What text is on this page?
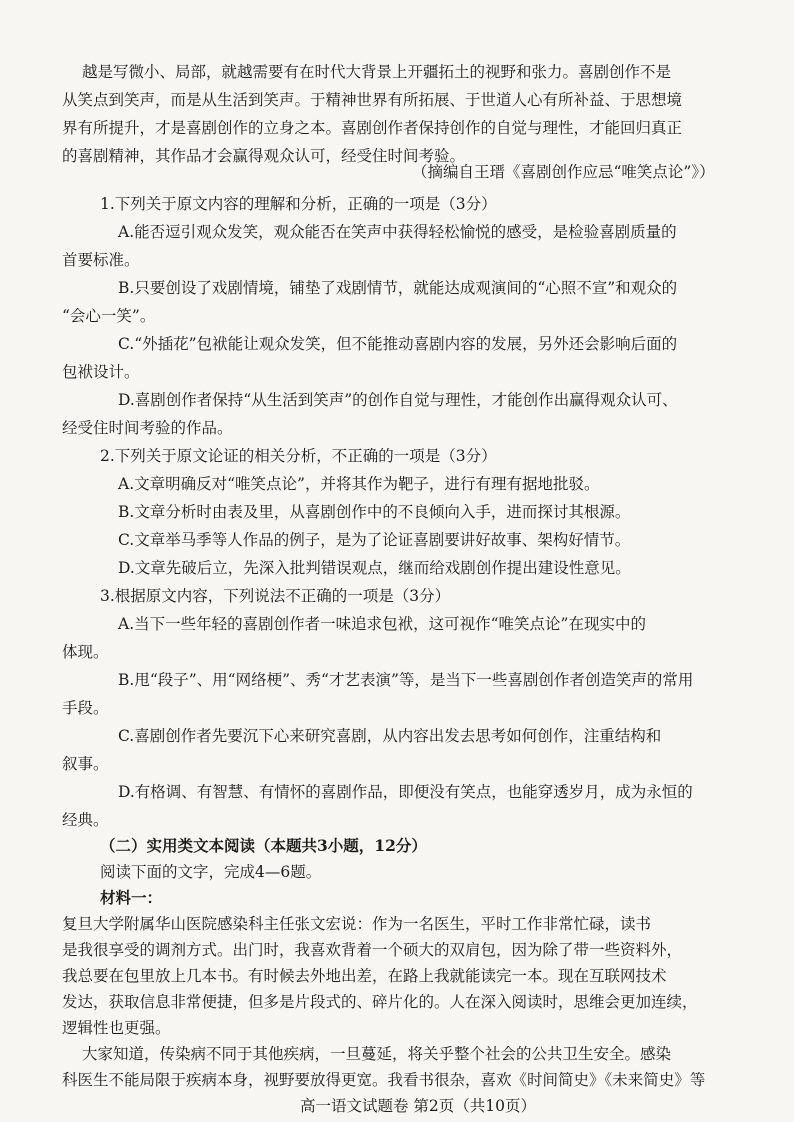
越是写微小、局部，就越需要有在时代大背景上开疆拓土的视野和张力。喜剧创作不是
从笑点到笑声，而是从生活到笑声。于精神世界有所拓展、于世道人心有所补益、于思想境
界有所提升，才是喜剧创作的立身之本。喜剧创作者保持创作的自觉与理性，才能回归真正
的喜剧精神，其作品才会赢得观众认可，经受住时间考验。
（摘编自王瑨《喜剧创作应忌“唯笑点论”》）
1.下列关于原文内容的理解和分析，正确的一项是（3分）
A.能否逗引观众发笑，观众能否在笑声中获得轻松愉悦的感受，是检验喜剧质量的
首要标准。
B.只要创设了戏剧情境，铺垫了戏剧情节，就能达成观演间的“心照不宣”和观众的
“会心一笑”。
C.“外插花”包袱能让观众发笑，但不能推动喜剧内容的发展，另外还会影响后面的
包袱设计。
D.喜剧创作者保持“从生活到笑声”的创作自觉与理性，才能创作出赢得观众认可、
经受住时间考验的作品。
2.下列关于原文论证的相关分析，不正确的一项是（3分）
A.文章明确反对“唯笑点论”，并将其作为靶子，进行有理有据地批驳。
B.文章分析时由表及里，从喜剧创作中的不良倾向入手，进而探讨其根源。
C.文章举马季等人作品的例子，是为了论证喜剧要讲好故事、架构好情节。
D.文章先破后立，先深入批判错误观点，继而给戏剧创作提出建设性意见。
3.根据原文内容，下列说法不正确的一项是（3分）
A.当下一些年轻的喜剧创作者一味追求包袱，这可视作“唯笑点论”在现实中的
体现。
B.甩“段子”、用“网络梗”、秀“才艺表演”等，是当下一些喜剧创作者创造笑声的常用
手段。
C.喜剧创作者先要沉下心来研究喜剧，从内容出发去思考如何创作，注重结构和
叙事。
D.有格调、有智慧、有情怀的喜剧作品，即便没有笑点，也能穿透岁月，成为永恒的
经典。
（二）实用类文本阅读（本题共3小题，12分）
阅读下面的文字，完成4—6题。
材料一：
复旦大学附属华山医院感染科主任张文宏说：作为一名医生，平时工作非常忙碌，读书
是我很享受的调剂方式。出门时，我喜欢背着一个硕大的双肩包，因为除了带一些资料外，
我总要在包里放上几本书。有时候去外地出差，在路上我就能读完一本。现在互联网技术
发达，获取信息非常便捷，但多是片段式的、碎片化的。人在深入阅读时，思维会更加连续，
逻辑性也更强。
大家知道，传染病不同于其他疾病，一旦蔓延，将关乎整个社会的公共卫生安全。感染
科医生不能局限于疾病本身，视野要放得更宽。我看书很杂，喜欢《时间简史》《未来简史》等
高一语文试题卷 第2页（共10页）
